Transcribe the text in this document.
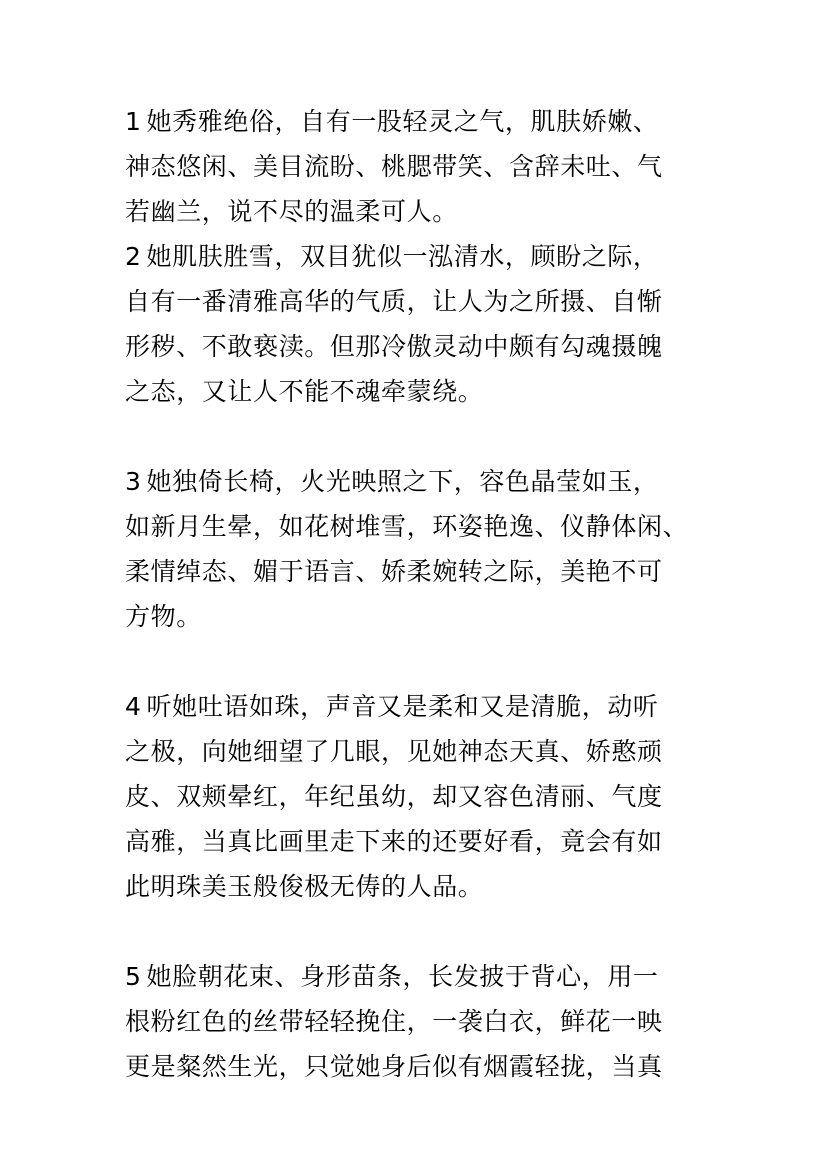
1 她秀雅绝俗，自有一股轻灵之气，肌肤娇嫩、
神态悠闲、美目流盼、桃腮带笑、含辞未吐、气
若幽兰，说不尽的温柔可人。
2 她肌肤胜雪，双目犹似一泓清水，顾盼之际，
自有一番清雅高华的气质，让人为之所摄、自惭
形秽、不敢亵渎。但那冷傲灵动中颇有勾魂摄魄
之态，又让人不能不魂牵蒙绕。
3 她独倚长椅，火光映照之下，容色晶莹如玉，
如新月生晕，如花树堆雪，环姿艳逸、仪静体闲、
柔情绰态、媚于语言、娇柔婉转之际，美艳不可
方物。
4 听她吐语如珠，声音又是柔和又是清脆，动听
之极，向她细望了几眼，见她神态天真、娇憨顽
皮、双颊晕红，年纪虽幼，却又容色清丽、气度
高雅，当真比画里走下来的还要好看，竟会有如
此明珠美玉般俊极无俦的人品。
5 她脸朝花束、身形苗条，长发披于背心，用一
根粉红色的丝带轻轻挽住，一袭白衣，鲜花一映
更是粲然生光，只觉她身后似有烟霞轻拢，当真
